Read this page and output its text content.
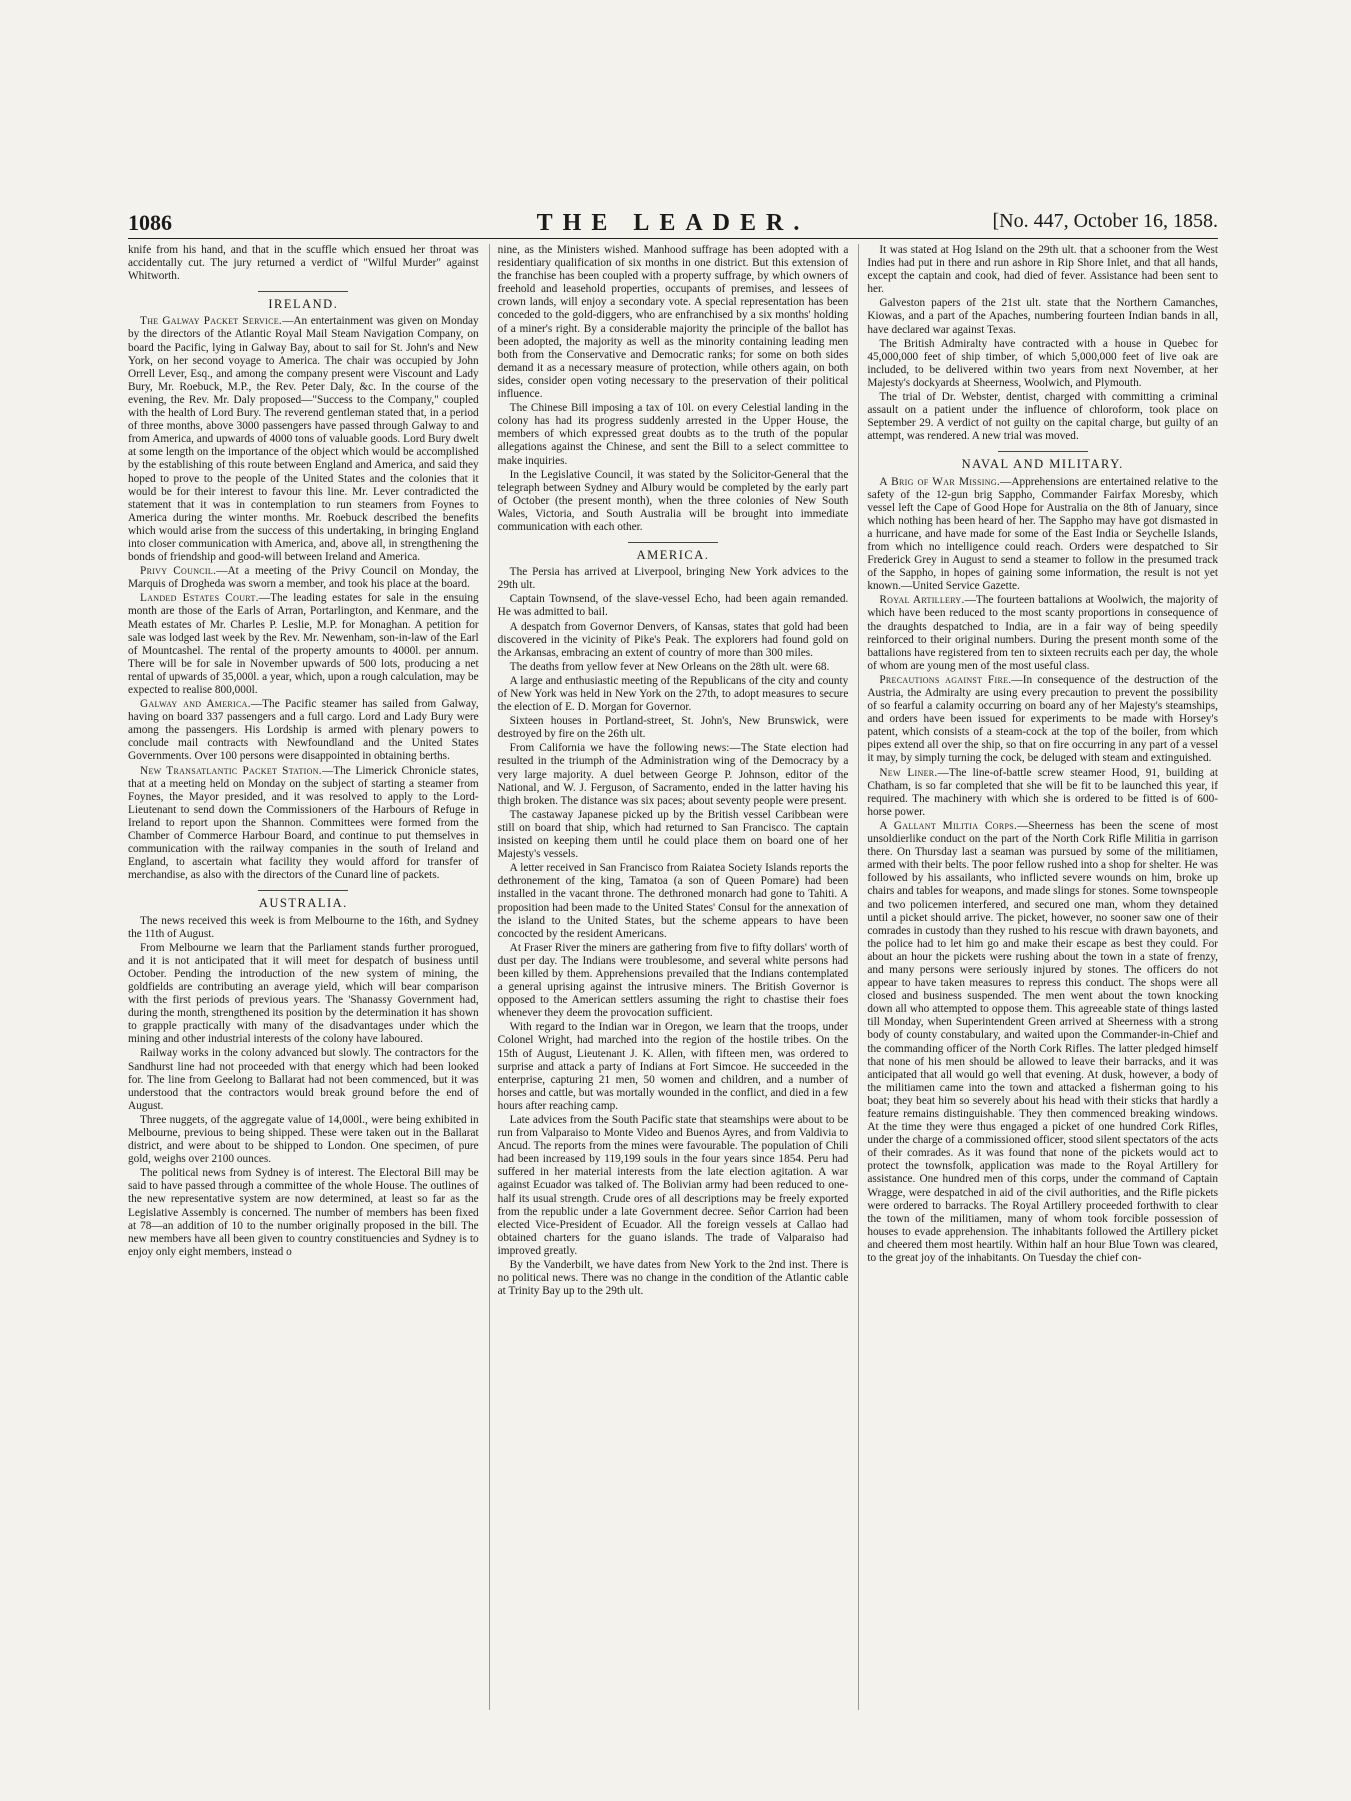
1086	THE LEADER.	[No. 447, October 16, 1858.

knife from his hand, and that in the scuffle which ensued her throat was accidentally cut. The jury returned a verdict of "Wilful Murder" against Whitworth.

IRELAND.

The Galway Packet Service.—An entertainment was given on Monday by the directors of the Atlantic Royal Mail Steam Navigation Company, on board the Pacific, lying in Galway Bay, about to sail for St. John's and New York, on her second voyage to America. The chair was occupied by John Orrell Lever, Esq., and among the company present were Viscount and Lady Bury, Mr. Roebuck, M.P., the Rev. Peter Daly, &c. In the course of the evening, the Rev. Mr. Daly proposed—"Success to the Company," coupled with the health of Lord Bury. The reverend gentleman stated that, in a period of three months, above 3000 passengers have passed through Galway to and from America, and upwards of 4000 tons of valuable goods. Lord Bury dwelt at some length on the importance of the object which would be accomplished by the establishing of this route between England and America, and said they hoped to prove to the people of the United States and the colonies that it would be for their interest to favour this line. Mr. Lever contradicted the statement that it was in contemplation to run steamers from Foynes to America during the winter months. Mr. Roebuck described the benefits which would arise from the success of this undertaking, in bringing England into closer communication with America, and, above all, in strengthening the bonds of friendship and good-will between Ireland and America.

Privy Council.—At a meeting of the Privy Council on Monday, the Marquis of Drogheda was sworn a member, and took his place at the board.

Landed Estates Court.—The leading estates for sale in the ensuing month are those of the Earls of Arran, Portarlington, and Kenmare, and the Meath estates of Mr. Charles P. Leslie, M.P. for Monaghan. A petition for sale was lodged last week by the Rev. Mr. Newenham, son-in-law of the Earl of Mountcashel. The rental of the property amounts to 4000l. per annum. There will be for sale in November upwards of 500 lots, producing a net rental of upwards of 35,000l. a year, which, upon a rough calculation, may be expected to realise 800,000l.

Galway and America.—The Pacific steamer has sailed from Galway, having on board 337 passengers and a full cargo. Lord and Lady Bury were among the passengers. His Lordship is armed with plenary powers to conclude mail contracts with Newfoundland and the United States Governments. Over 100 persons were disappointed in obtaining berths.

New Transatlantic Packet Station.—The Limerick Chronicle states, that at a meeting held on Monday on the subject of starting a steamer from Foynes, the Mayor presided, and it was resolved to apply to the Lord-Lieutenant to send down the Commissioners of the Harbours of Refuge in Ireland to report upon the Shannon. Committees were formed from the Chamber of Commerce Harbour Board, and continue to put themselves in communication with the railway companies in the south of Ireland and England, to ascertain what facility they would afford for transfer of merchandise, as also with the directors of the Cunard line of packets.

AUSTRALIA.

The news received this week is from Melbourne to the 16th, and Sydney the 11th of August.

From Melbourne we learn that the Parliament stands further prorogued, and it is not anticipated that it will meet for despatch of business until October. Pending the introduction of the new system of mining, the goldfields are contributing an average yield, which will bear comparison with the first periods of previous years. The 'Shanassy Government had, during the month, strengthened its position by the determination it has shown to grapple practically with many of the disadvantages under which the mining and other industrial interests of the colony have laboured.

Railway works in the colony advanced but slowly. The contractors for the Sandhurst line had not proceeded with that energy which had been looked for. The line from Geelong to Ballarat had not been commenced, but it was understood that the contractors would break ground before the end of August.

Three nuggets, of the aggregate value of 14,000l., were being exhibited in Melbourne, previous to being shipped. These were taken out in the Ballarat district, and were about to be shipped to London. One specimen, of pure gold, weighs over 2100 ounces.

The political news from Sydney is of interest. The Electoral Bill may be said to have passed through a committee of the whole House. The outlines of the new representative system are now determined, at least so far as the Legislative Assembly is concerned. The number of members has been fixed at 78—an addition of 10 to the number originally proposed in the bill. The new members have all been given to country constituencies and Sydney is to enjoy only eight members, instead o

nine, as the Ministers wished. Manhood suffrage has been adopted with a residentiary qualification of six months in one district. But this extension of the franchise has been coupled with a property suffrage, by which owners of freehold and leasehold properties, occupants of premises, and lessees of crown lands, will enjoy a secondary vote. A special representation has been conceded to the gold-diggers, who are enfranchised by a six months' holding of a miner's right. By a considerable majority the principle of the ballot has been adopted, the majority as well as the minority containing leading men both from the Conservative and Democratic ranks; for some on both sides demand it as a necessary measure of protection, while others again, on both sides, consider open voting necessary to the preservation of their political influence.

The Chinese Bill imposing a tax of 10l. on every Celestial landing in the colony has had its progress suddenly arrested in the Upper House, the members of which expressed great doubts as to the truth of the popular allegations against the Chinese, and sent the Bill to a select committee to make inquiries.

In the Legislative Council, it was stated by the Solicitor-General that the telegraph between Sydney and Albury would be completed by the early part of October (the present month), when the three colonies of New South Wales, Victoria, and South Australia will be brought into immediate communication with each other.

AMERICA.

The Persia has arrived at Liverpool, bringing New York advices to the 29th ult.

Captain Townsend, of the slave-vessel Echo, had been again remanded. He was admitted to bail.

A despatch from Governor Denvers, of Kansas, states that gold had been discovered in the vicinity of Pike's Peak. The explorers had found gold on the Arkansas, embracing an extent of country of more than 300 miles.

The deaths from yellow fever at New Orleans on the 28th ult. were 68.

A large and enthusiastic meeting of the Republicans of the city and county of New York was held in New York on the 27th, to adopt measures to secure the election of E. D. Morgan for Governor.

Sixteen houses in Portland-street, St. John's, New Brunswick, were destroyed by fire on the 26th ult.

From California we have the following news:—The State election had resulted in the triumph of the Administration wing of the Democracy by a very large majority. A duel between George P. Johnson, editor of the National, and W. J. Ferguson, of Sacramento, ended in the latter having his thigh broken. The distance was six paces; about seventy people were present.

The castaway Japanese picked up by the British vessel Caribbean were still on board that ship, which had returned to San Francisco. The captain insisted on keeping them until he could place them on board one of her Majesty's vessels.

A letter received in San Francisco from Raiatea Society Islands reports the dethronement of the king, Tamatoa (a son of Queen Pomare) had been installed in the vacant throne. The dethroned monarch had gone to Tahiti. A proposition had been made to the United States' Consul for the annexation of the island to the United States, but the scheme appears to have been concocted by the resident Americans.

At Fraser River the miners are gathering from five to fifty dollars' worth of dust per day. The Indians were troublesome, and several white persons had been killed by them. Apprehensions prevailed that the Indians contemplated a general uprising against the intrusive miners. The British Governor is opposed to the American settlers assuming the right to chastise their foes whenever they deem the provocation sufficient.

With regard to the Indian war in Oregon, we learn that the troops, under Colonel Wright, had marched into the region of the hostile tribes. On the 15th of August, Lieutenant J. K. Allen, with fifteen men, was ordered to surprise and attack a party of Indians at Fort Simcoe. He succeeded in the enterprise, capturing 21 men, 50 women and children, and a number of horses and cattle, but was mortally wounded in the conflict, and died in a few hours after reaching camp.

Late advices from the South Pacific state that steamships were about to be run from Valparaiso to Monte Video and Buenos Ayres, and from Valdivia to Ancud. The reports from the mines were favourable. The population of Chili had been increased by 119,199 souls in the four years since 1854. Peru had suffered in her material interests from the late election agitation. A war against Ecuador was talked of. The Bolivian army had been reduced to one-half its usual strength. Crude ores of all descriptions may be freely exported from the republic under a late Government decree. Señor Carrion had been elected Vice-President of Ecuador. All the foreign vessels at Callao had obtained charters for the guano islands. The trade of Valparaiso had improved greatly.

By the Vanderbilt, we have dates from New York to the 2nd inst. There is no political news. There was no change in the condition of the Atlantic cable at Trinity Bay up to the 29th ult.

It was stated at Hog Island on the 29th ult. that a schooner from the West Indies had put in there and run ashore in Rip Shore Inlet, and that all hands, except the captain and cook, had died of fever. Assistance had been sent to her.

Galveston papers of the 21st ult. state that the Northern Camanches, Kiowas, and a part of the Apaches, numbering fourteen Indian bands in all, have declared war against Texas.

The British Admiralty have contracted with a house in Quebec for 45,000,000 feet of ship timber, of which 5,000,000 feet of live oak are included, to be delivered within two years from next November, at her Majesty's dockyards at Sheerness, Woolwich, and Plymouth.

The trial of Dr. Webster, dentist, charged with committing a criminal assault on a patient under the influence of chloroform, took place on September 29. A verdict of not guilty on the capital charge, but guilty of an attempt, was rendered. A new trial was moved.

NAVAL AND MILITARY.

A Brig of War Missing.—Apprehensions are entertained relative to the safety of the 12-gun brig Sappho, Commander Fairfax Moresby, which vessel left the Cape of Good Hope for Australia on the 8th of January, since which nothing has been heard of her. The Sappho may have got dismasted in a hurricane, and have made for some of the East India or Seychelle Islands, from which no intelligence could reach. Orders were despatched to Sir Frederick Grey in August to send a steamer to follow in the presumed track of the Sappho, in hopes of gaining some information, the result is not yet known.—United Service Gazette.

Royal Artillery.—The fourteen battalions at Woolwich, the majority of which have been reduced to the most scanty proportions in consequence of the draughts despatched to India, are in a fair way of being speedily reinforced to their original numbers. During the present month some of the battalions have registered from ten to sixteen recruits each per day, the whole of whom are young men of the most useful class.

Precautions against Fire.—In consequence of the destruction of the Austria, the Admiralty are using every precaution to prevent the possibility of so fearful a calamity occurring on board any of her Majesty's steamships, and orders have been issued for experiments to be made with Horsey's patent, which consists of a steam-cock at the top of the boiler, from which pipes extend all over the ship, so that on fire occurring in any part of a vessel it may, by simply turning the cock, be deluged with steam and extinguished.

New Liner.—The line-of-battle screw steamer Hood, 91, building at Chatham, is so far completed that she will be fit to be launched this year, if required. The machinery with which she is ordered to be fitted is of 600-horse power.

A Gallant Militia Corps.—Sheerness has been the scene of most unsoldierlike conduct on the part of the North Cork Rifle Militia in garrison there. On Thursday last a seaman was pursued by some of the militiamen, armed with their belts. The poor fellow rushed into a shop for shelter. He was followed by his assailants, who inflicted severe wounds on him, broke up chairs and tables for weapons, and made slings for stones. Some townspeople and two policemen interfered, and secured one man, whom they detained until a picket should arrive. The picket, however, no sooner saw one of their comrades in custody than they rushed to his rescue with drawn bayonets, and the police had to let him go and make their escape as best they could. For about an hour the pickets were rushing about the town in a state of frenzy, and many persons were seriously injured by stones. The officers do not appear to have taken measures to repress this conduct. The shops were all closed and business suspended. The men went about the town knocking down all who attempted to oppose them. This agreeable state of things lasted till Monday, when Superintendent Green arrived at Sheerness with a strong body of county constabulary, and waited upon the Commander-in-Chief and the commanding officer of the North Cork Rifles. The latter pledged himself that none of his men should be allowed to leave their barracks, and it was anticipated that all would go well that evening. At dusk, however, a body of the militiamen came into the town and attacked a fisherman going to his boat; they beat him so severely about his head with their sticks that hardly a feature remains distinguishable. They then commenced breaking windows. At the time they were thus engaged a picket of one hundred Cork Rifles, under the charge of a commissioned officer, stood silent spectators of the acts of their comrades. As it was found that none of the pickets would act to protect the townsfolk, application was made to the Royal Artillery for assistance. One hundred men of this corps, under the command of Captain Wragge, were despatched in aid of the civil authorities, and the Rifle pickets were ordered to barracks. The Royal Artillery proceeded forthwith to clear the town of the militiamen, many of whom took forcible possession of houses to evade apprehension. The inhabitants followed the Artillery picket and cheered them most heartily. Within half an hour Blue Town was cleared, to the great joy of the inhabitants. On Tuesday the chief con-
